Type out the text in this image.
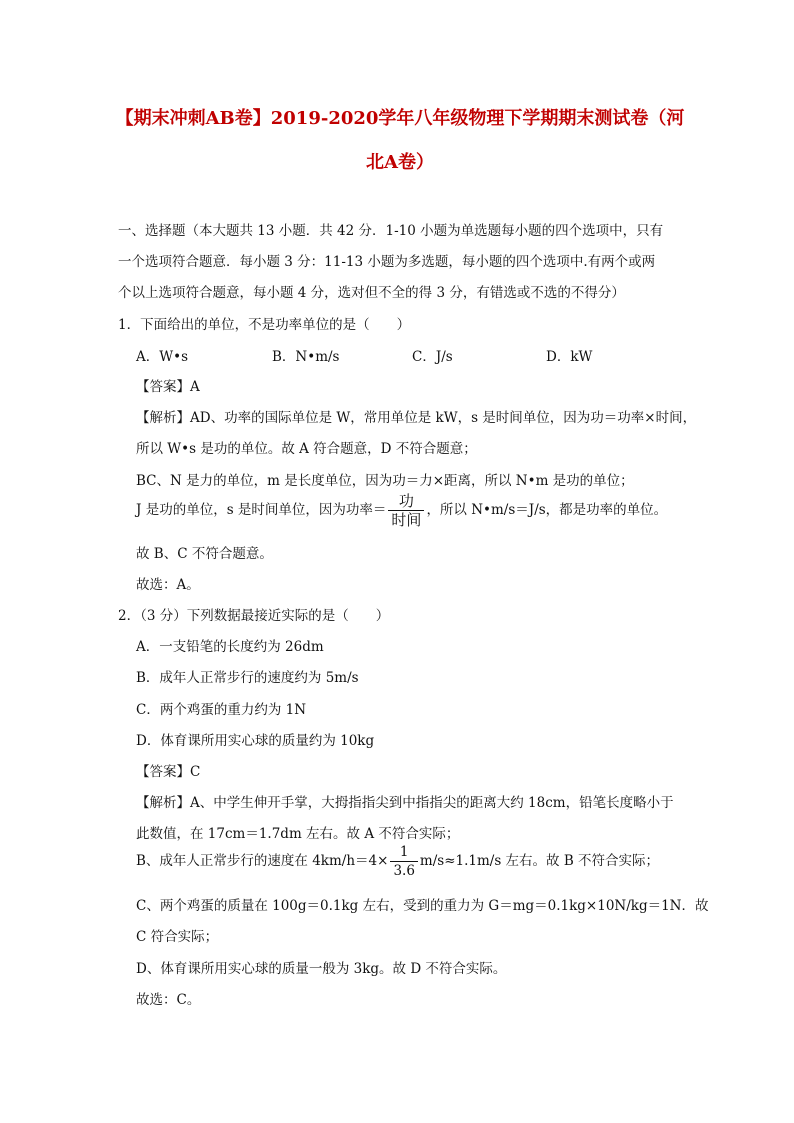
【期末冲刺AB卷】2019-2020学年八年级物理下学期期末测试卷（河
北A卷）
一、选择题（本大题共 13 小题．共 42 分．1-10 小题为单选题每小题的四个选项中，只有
一个选项符合题意．每小题 3 分：11-13 小题为多选题，每小题的四个选项中.有两个或两
个以上选项符合题意，每小题 4 分，选对但不全的得 3 分，有错选或不选的不得分）
1．下面给出的单位，不是功率单位的是（　　）
A．W•s	B．N•m/s	C．J/s	D．kW
【答案】A
【解析】AD、功率的国际单位是 W，常用单位是 kW，s 是时间单位，因为功＝功率×时间，
所以 W•s 是功的单位。故 A 符合题意，D 不符合题意；
BC、N 是力的单位，m 是长度单位，因为功＝力×距离，所以 N•m 是功的单位；
J 是功的单位，s 是时间单位，因为功率＝ $\frac{\text{功}}{\text{时间}}$ ，所以 N•m/s＝J/s，都是功率的单位。
故 B、C 不符合题意。
故选：A。
2．（3 分）下列数据最接近实际的是（　　）
A．一支铅笔的长度约为 26dm
B．成年人正常步行的速度约为 5m/s
C．两个鸡蛋的重力约为 1N
D．体育课所用实心球的质量约为 10kg
【答案】C
【解析】A、中学生伸开手掌，大拇指指尖到中指指尖的距离大约 18cm，铅笔长度略小于
此数值，在 17cm＝1.7dm 左右。故 A 不符合实际；
B、成年人正常步行的速度在 $4km/h=4\times \frac{1}{3.6} m/s\approx 1.1m/s$ 左右。故 B 不符合实际；
C、两个鸡蛋的质量在 100g＝0.1kg 左右，受到的重力为 G＝mg＝0.1kg×10N/kg＝1N．故
C 符合实际；
D、体育课所用实心球的质量一般为 3kg。故 D 不符合实际。
故选：C。
